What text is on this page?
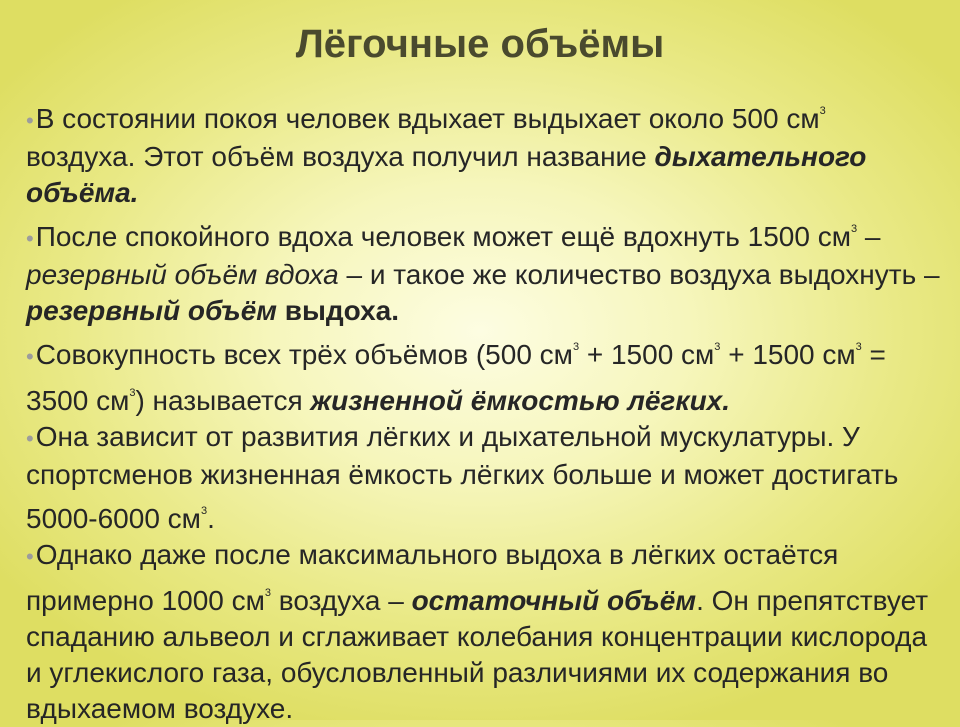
Лёгочные объёмы

•В состоянии покоя человек вдыхает выдыхает около 500 $см^3$ воздуха. Этот объём воздуха получил название дыхательного объёма.

•После спокойного вдоха человек может ещё вдохнуть 1500 $см^3$ – резервный объём вдоха – и такое же количество воздуха выдохнуть – резервный объём выдоха.

•Совокупность всех трёх объёмов (500 $см^3 + 1500$ $см^3 + 1500$ $см^3 = 3500$ $см^3$) называется жизненной ёмкостью лёгких.

•Она зависит от развития лёгких и дыхательной мускулатуры. У спортсменов жизненная ёмкость лёгких больше и может достигать 5000-6000 $см^3$.

•Однако даже после максимального выдоха в лёгких остаётся примерно 1000 $см^3$ воздуха – остаточный объём. Он препятствует спаданию альвеол и сглаживает колебания концентрации кислорода и углекислого газа, обусловленный различиями их содержания во вдыхаемом воздухе.
